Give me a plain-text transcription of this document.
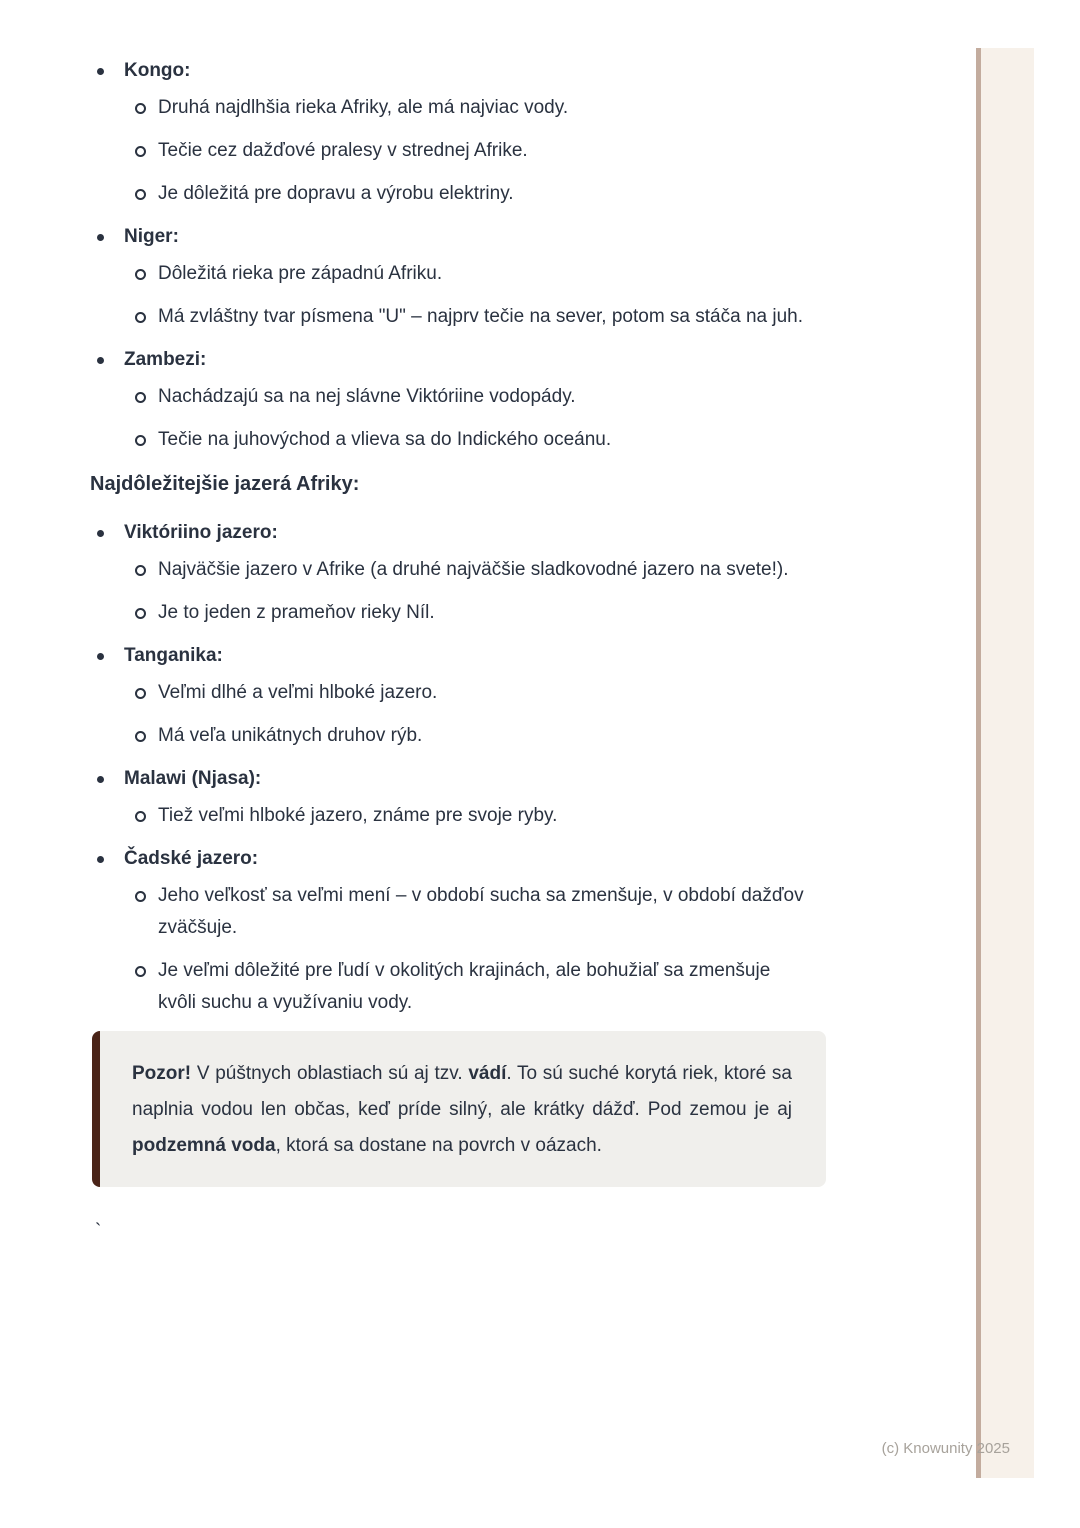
Kongo:
Druhá najdlhšia rieka Afriky, ale má najviac vody.
Tečie cez dažďové pralesy v strednej Afrike.
Je dôležitá pre dopravu a výrobu elektriny.
Niger:
Dôležitá rieka pre západnú Afriku.
Má zvláštny tvar písmena "U" – najprv tečie na sever, potom sa stáča na juh.
Zambezi:
Nachádzajú sa na nej slávne Viktóriine vodopády.
Tečie na juhovýchod a vlieva sa do Indického oceánu.
Najdôležitejšie jazerá Afriky:
Viktóriino jazero:
Najväčšie jazero v Afrike (a druhé najväčšie sladkovodné jazero na svete!).
Je to jeden z prameňov rieky Níl.
Tanganika:
Veľmi dlhé a veľmi hlboké jazero.
Má veľa unikátnych druhov rýb.
Malawi (Njasa):
Tiež veľmi hlboké jazero, známe pre svoje ryby.
Čadské jazero:
Jeho veľkosť sa veľmi mení – v období sucha sa zmenšuje, v období dažďov zväčšuje.
Je veľmi dôležité pre ľudí v okolitých krajinách, ale bohužiaľ sa zmenšuje kvôli suchu a využívaniu vody.
Pozor! V púštnych oblastiach sú aj tzv. vádí. To sú suché korytá riek, ktoré sa naplnia vodou len občas, keď príde silný, ale krátky dážď. Pod zemou je aj podzemná voda, ktorá sa dostane na povrch v oázach.
`
(c) Knowunity 2025
